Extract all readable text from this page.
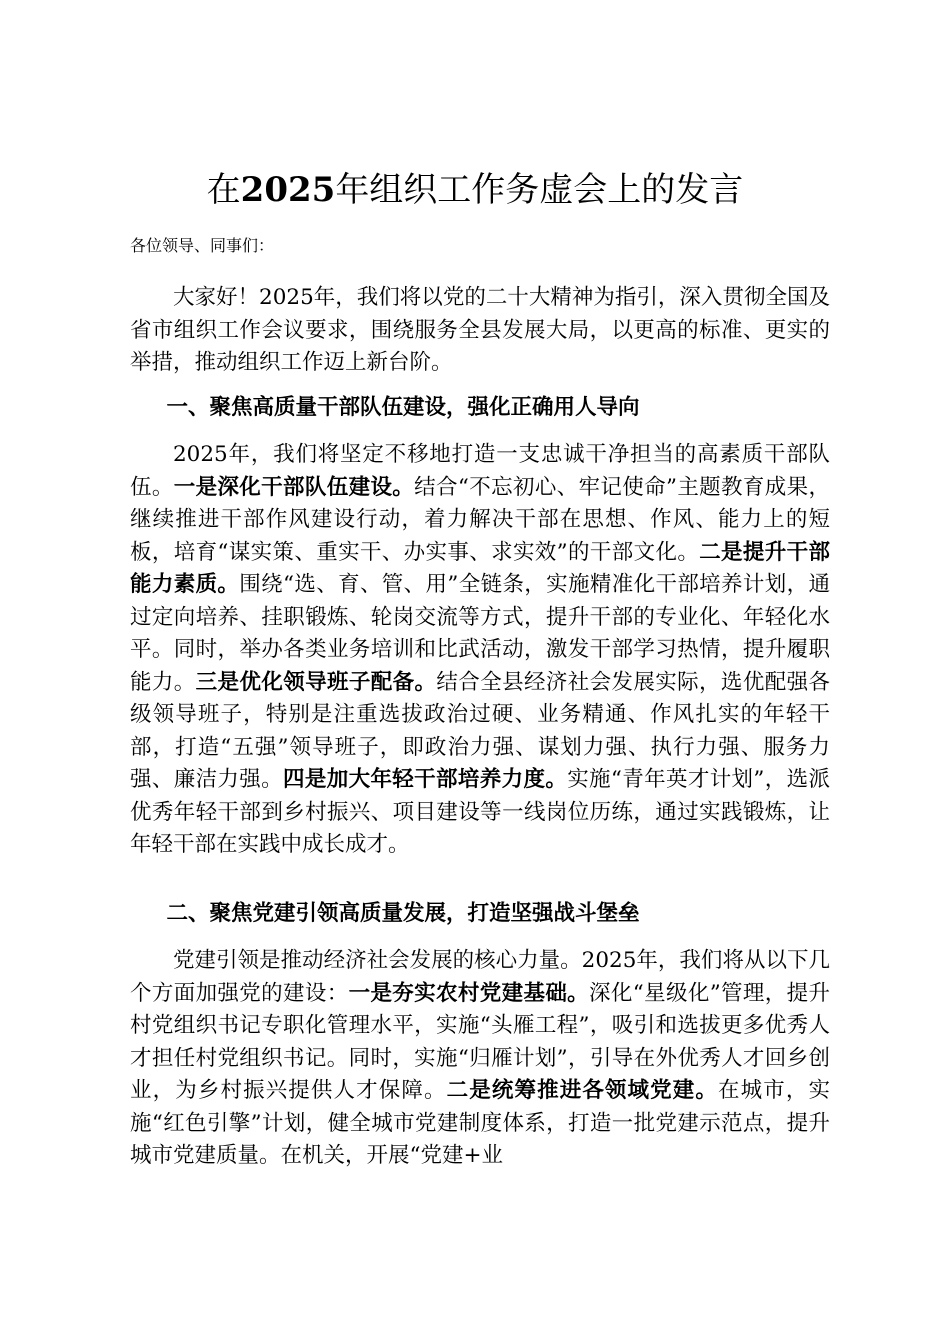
在2025年组织工作务虚会上的发言
各位领导、同事们：

大家好！2025年，我们将以党的二十大精神为指引，深入贯彻全国及省市组织工作会议要求，围绕服务全县发展大局，以更高的标准、更实的举措，推动组织工作迈上新台阶。

一、聚焦高质量干部队伍建设，强化正确用人导向

2025年，我们将坚定不移地打造一支忠诚干净担当的高素质干部队伍。一是深化干部队伍建设。结合“不忘初心、牢记使命”主题教育成果，继续推进干部作风建设行动，着力解决干部在思想、作风、能力上的短板，培育“谋实策、重实干、办实事、求实效”的干部文化。二是提升干部能力素质。围绕“选、育、管、用”全链条，实施精准化干部培养计划，通过定向培养、挂职锻炼、轮岗交流等方式，提升干部的专业化、年轻化水平。同时，举办各类业务培训和比武活动，激发干部学习热情，提升履职能力。三是优化领导班子配备。结合全县经济社会发展实际，选优配强各级领导班子，特别是注重选拔政治过硬、业务精通、作风扎实的年轻干部，打造“五强”领导班子，即政治力强、谋划力强、执行力强、服务力强、廉洁力强。四是加大年轻干部培养力度。实施“青年英才计划”，选派优秀年轻干部到乡村振兴、项目建设等一线岗位历练，通过实践锻炼，让年轻干部在实践中成长成才。

二、聚焦党建引领高质量发展，打造坚强战斗堡垒

党建引领是推动经济社会发展的核心力量。2025年，我们将从以下几个方面加强党的建设：一是夯实农村党建基础。深化“星级化”管理，提升村党组织书记专职化管理水平，实施“头雁工程”，吸引和选拔更多优秀人才担任村党组织书记。同时，实施“归雁计划”，引导在外优秀人才回乡创业，为乡村振兴提供人才保障。二是统筹推进各领域党建。在城市，实施“红色引擎”计划，健全城市党建制度体系，打造一批党建示范点，提升城市党建质量。在机关，开展“党建+业
